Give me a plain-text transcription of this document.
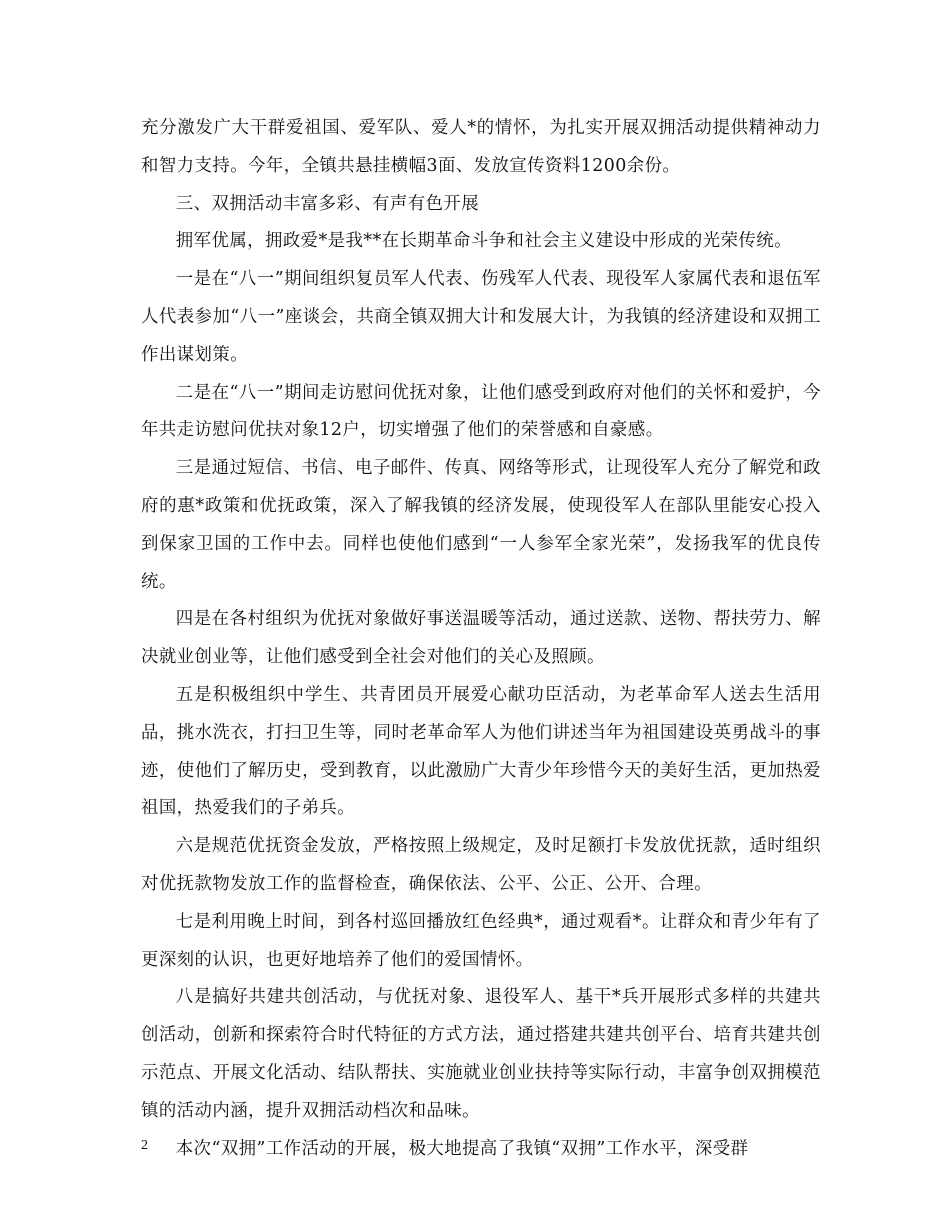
充分激发广大干群爱祖国、爱军队、爱人*的情怀，为扎实开展双拥活动提供精神动力和智力支持。今年，全镇共悬挂横幅3面、发放宣传资料1200余份。

三、双拥活动丰富多彩、有声有色开展

拥军优属，拥政爱*是我**在长期革命斗争和社会主义建设中形成的光荣传统。

一是在“八一”期间组织复员军人代表、伤残军人代表、现役军人家属代表和退伍军人代表参加“八一”座谈会，共商全镇双拥大计和发展大计，为我镇的经济建设和双拥工作出谋划策。

二是在“八一”期间走访慰问优抚对象，让他们感受到政府对他们的关怀和爱护，今年共走访慰问优扶对象12户，切实增强了他们的荣誉感和自豪感。

三是通过短信、书信、电子邮件、传真、网络等形式，让现役军人充分了解党和政府的惠*政策和优抚政策，深入了解我镇的经济发展，使现役军人在部队里能安心投入到保家卫国的工作中去。同样也使他们感到“一人参军全家光荣”，发扬我军的优良传统。

四是在各村组织为优抚对象做好事送温暖等活动，通过送款、送物、帮扶劳力、解决就业创业等，让他们感受到全社会对他们的关心及照顾。

五是积极组织中学生、共青团员开展爱心献功臣活动，为老革命军人送去生活用品，挑水洗衣，打扫卫生等，同时老革命军人为他们讲述当年为祖国建设英勇战斗的事迹，使他们了解历史，受到教育，以此激励广大青少年珍惜今天的美好生活，更加热爱祖国，热爱我们的子弟兵。

六是规范优抚资金发放，严格按照上级规定，及时足额打卡发放优抚款，适时组织对优抚款物发放工作的监督检查，确保依法、公平、公正、公开、合理。

七是利用晚上时间，到各村巡回播放红色经典*，通过观看*。让群众和青少年有了更深刻的认识，也更好地培养了他们的爱国情怀。

八是搞好共建共创活动，与优抚对象、退役军人、基干*兵开展形式多样的共建共创活动，创新和探索符合时代特征的方式方法，通过搭建共建共创平台、培育共建共创示范点、开展文化活动、结队帮扶、实施就业创业扶持等实际行动，丰富争创双拥模范镇的活动内涵，提升双拥活动档次和品味。

本次“双拥”工作活动的开展，极大地提高了我镇“双拥”工作水平，深受群

2
